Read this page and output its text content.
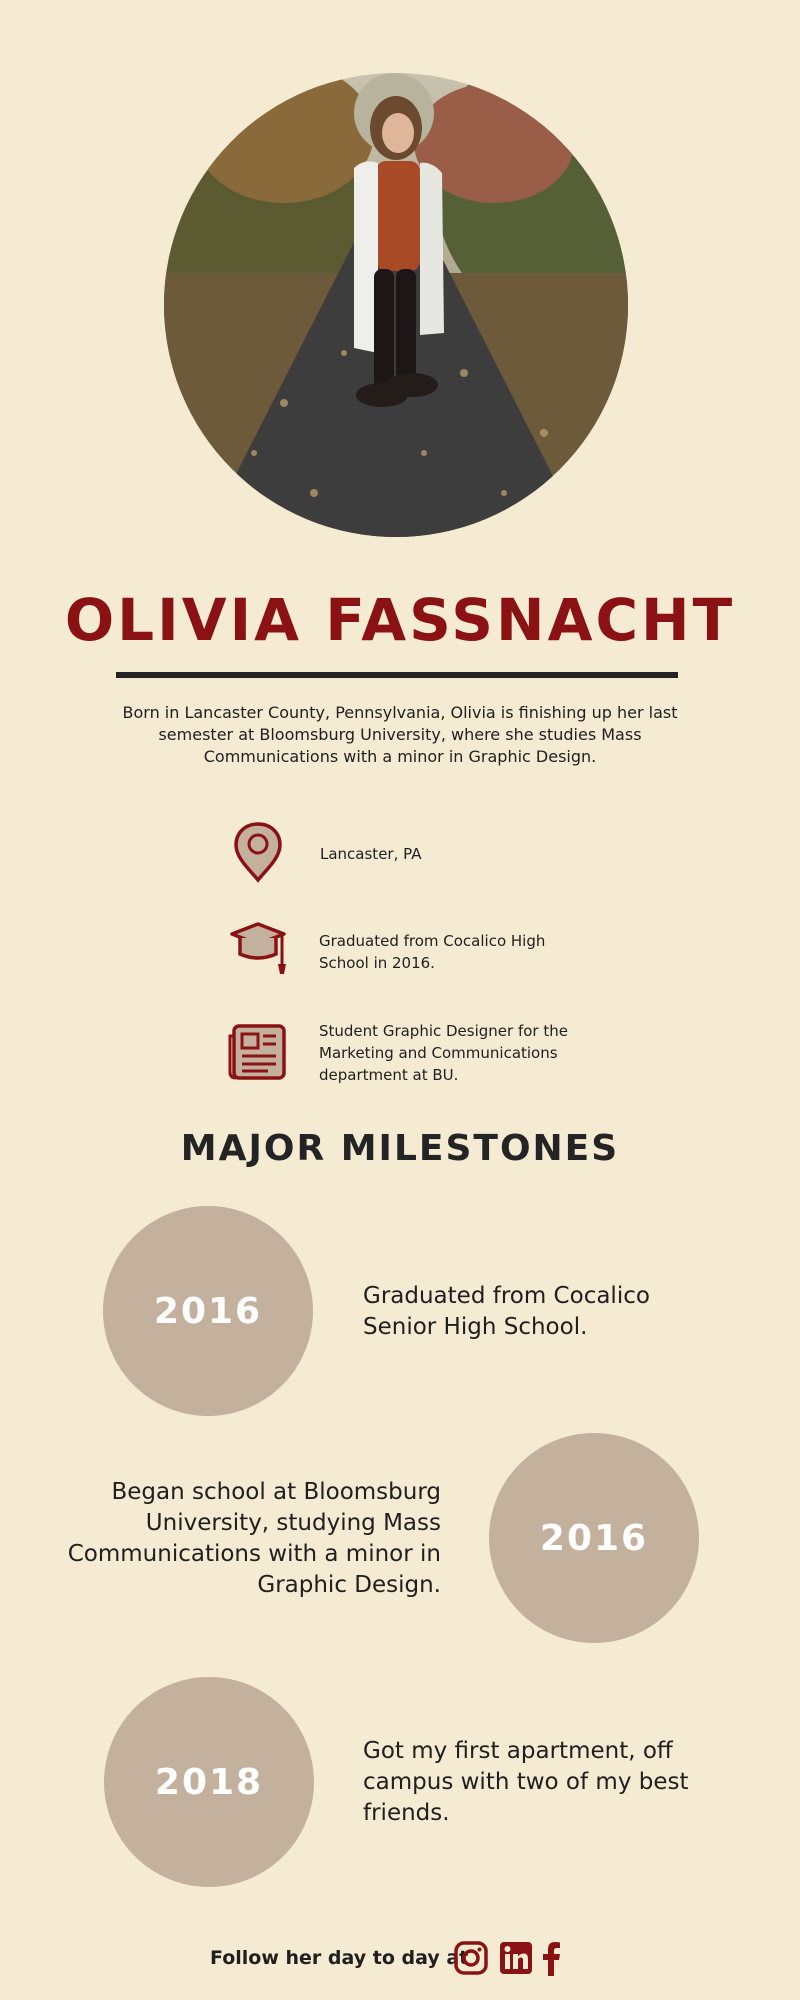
OLIVIA FASSNACHT
Born in Lancaster County, Pennsylvania, Olivia is finishing up her last semester at Bloomsburg University, where she studies Mass Communications with a minor in Graphic Design.
Lancaster, PA
Graduated from Cocalico High School in 2016.
Student Graphic Designer for the Marketing and Communications department at BU.
MAJOR MILESTONES
2016	Graduated from Cocalico Senior High School.
2016
Began school at Bloomsburg University, studying Mass Communications with a minor in Graphic Design.
2018
Got my first apartment, off campus with two of my best friends.
Follow her day to day at
